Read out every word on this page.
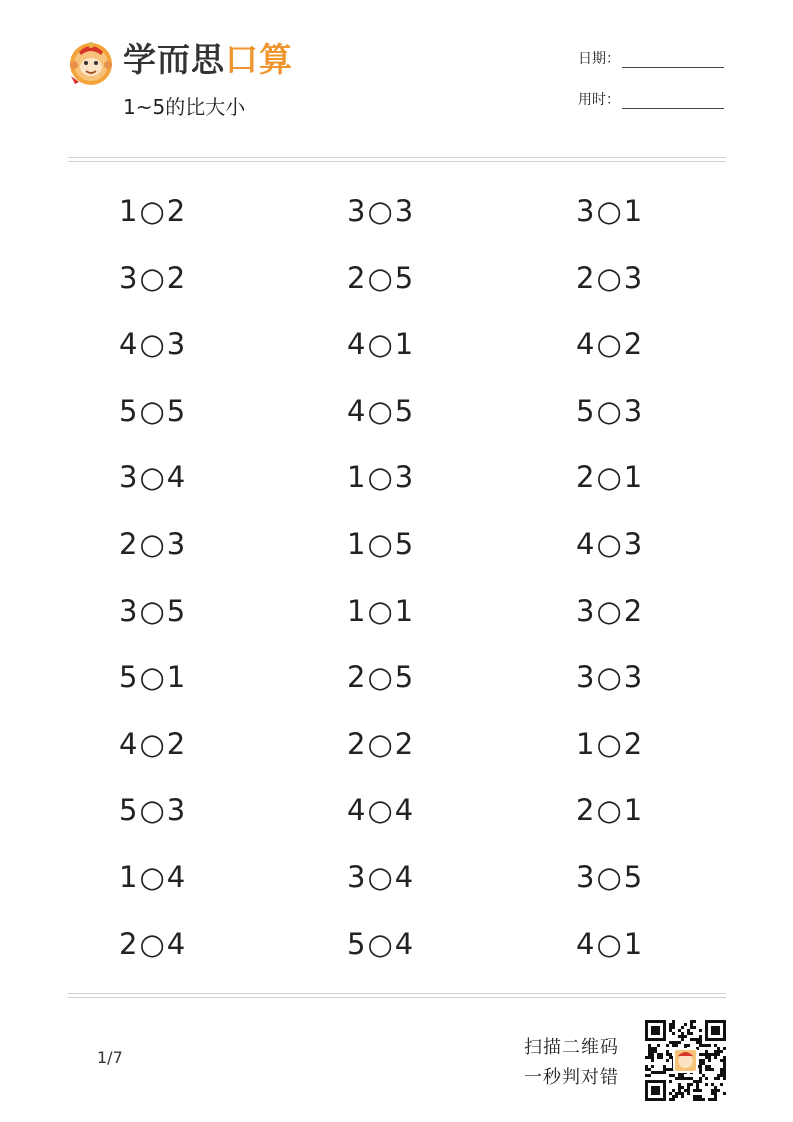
学而思口算
1~5的比大小
日期：
用时：
1○2	3○3	3○1
3○2	2○5	2○3
4○3	4○1	4○2
5○5	4○5	5○3
3○4	1○3	2○1
2○3	1○5	4○3
3○5	1○1	3○2
5○1	2○5	3○3
4○2	2○2	1○2
5○3	4○4	2○1
1○4	3○4	3○5
2○4	5○4	4○1
1/7	扫描二维码
一秒判对错
